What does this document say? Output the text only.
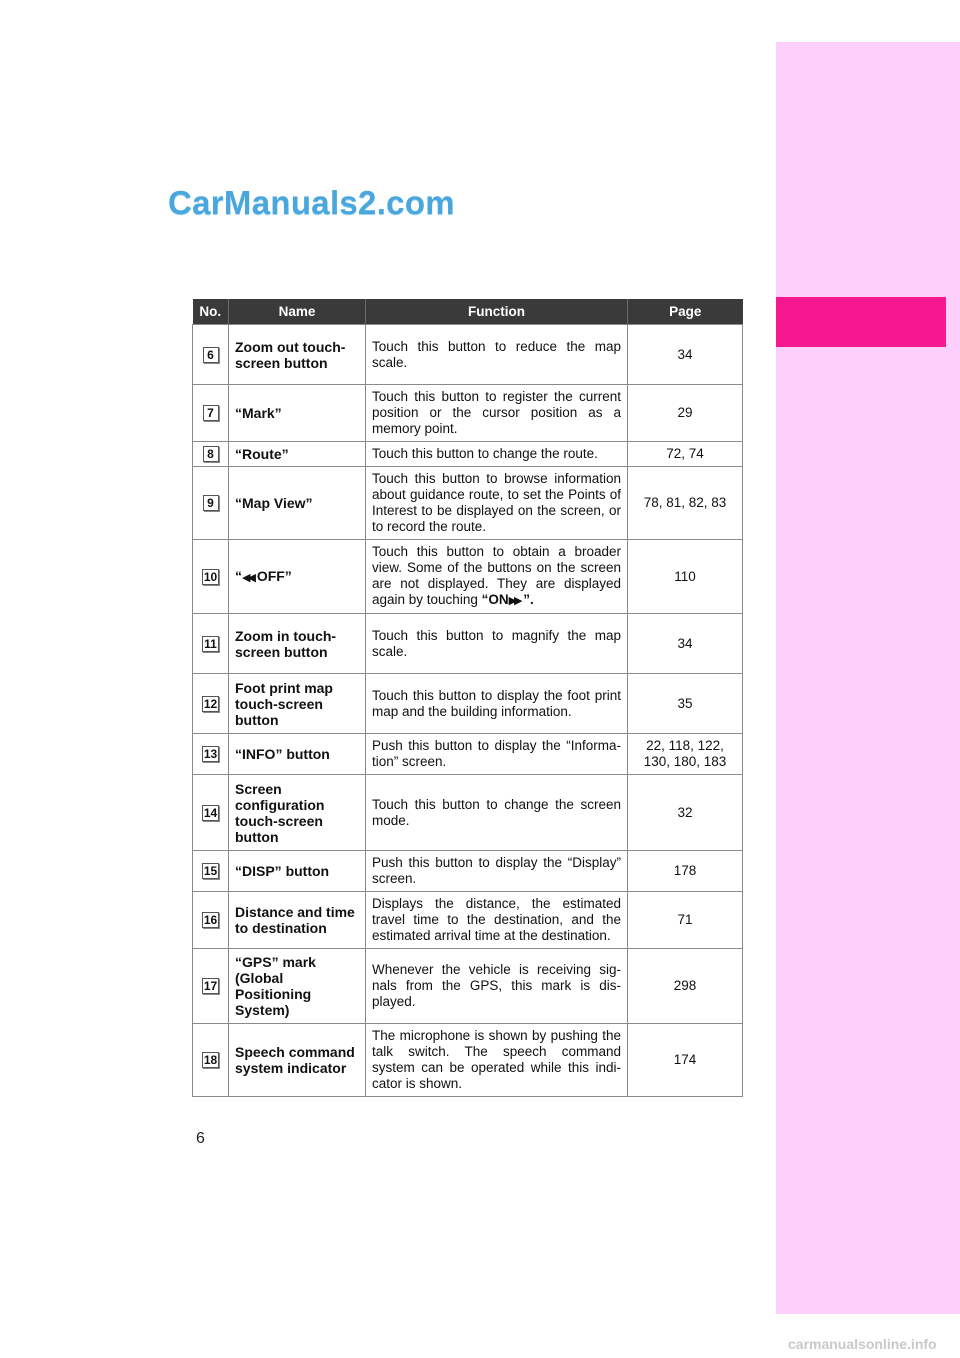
CarManuals2.com
No.	Name	Function	Page
6	Zoom out touch-screen button	Touch this button to reduce the map scale.	34
7	“Mark”	Touch this button to register the current position or the cursor position as a memory point.	29
8	“Route”	Touch this button to change the route.	72, 74
9	“Map View”	Touch this button to browse information about guidance route, to set the Points of Interest to be displayed on the screen, or to record the route.	78, 81, 82, 83
10	“◀◀ OFF”	Touch this button to obtain a broader view. Some of the buttons on the screen are not displayed. They are displayed again by touching “ON▶▶ ”.	110
11	Zoom in touch-screen button	Touch this button to magnify the map scale.	34
12	Foot print map touch-screen button	Touch this button to display the foot print map and the building information.	35
13	“INFO” button	Push this button to display the “Informa-tion” screen.	22, 118, 122, 130, 180, 183
14	Screen configuration touch-screen button	Touch this button to change the screen mode.	32
15	“DISP” button	Push this button to display the “Display” screen.	178
16	Distance and time to destination	Displays the distance, the estimated travel time to the destination, and the estimated arrival time at the destination.	71
17	“GPS” mark (Global Positioning System)	Whenever the vehicle is receiving sig-nals from the GPS, this mark is dis-played.	298
18	Speech command system indicator	The microphone is shown by pushing the talk switch. The speech command system can be operated while this indi-cator is shown.	174
6
carmanualsonline.info
